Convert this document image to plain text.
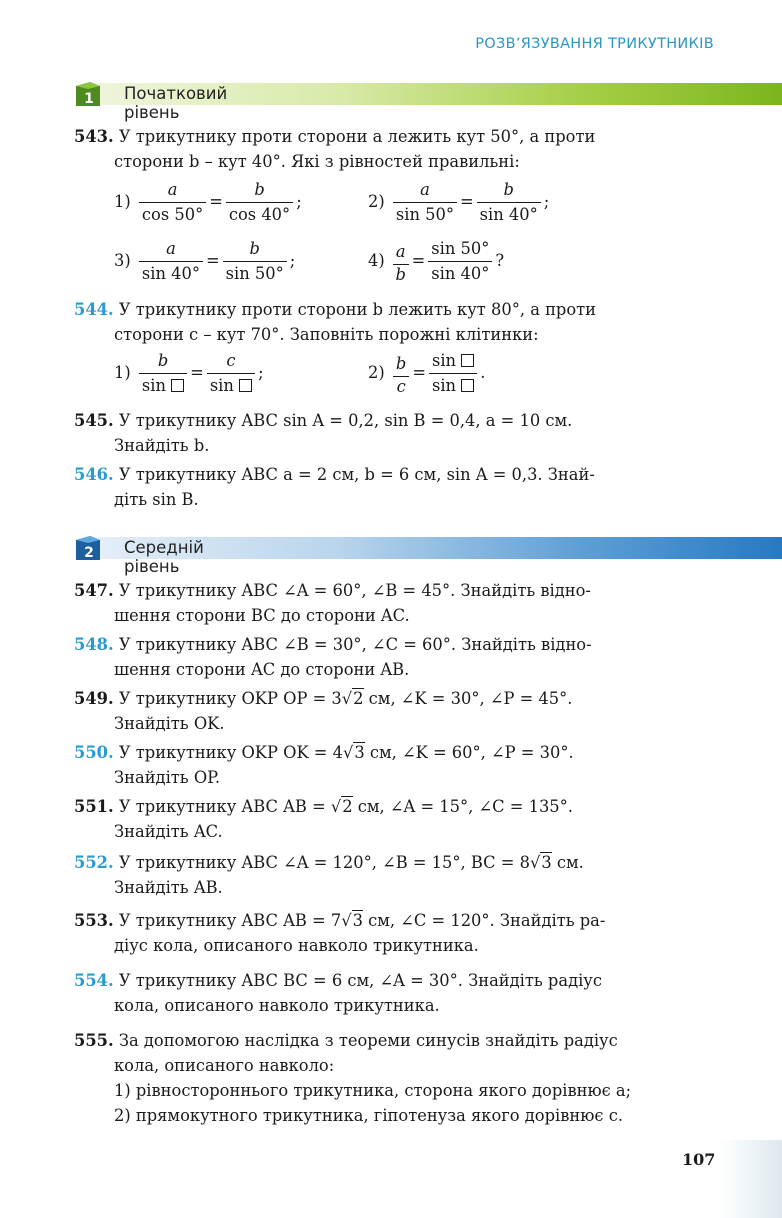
РОЗВ’ЯЗУВАННЯ ТРИКУТНИКІВ
1 Початковий рівень
543. У трикутнику проти сторони a лежить кут 50°, а проти
сторони b – кут 40°. Які з рівностей правильні:
$1) \frac{a}{\cos 50^\circ} = \frac{b}{\cos 40^\circ}$ ;	$2) \frac{a}{\sin 50^\circ} = \frac{b}{\sin 40^\circ}$ ;
$3) \frac{a}{\sin 40^\circ} = \frac{b}{\sin 50^\circ}$ ;	$4) \frac{a}{b} = \frac{\sin 50^\circ}{\sin 40^\circ}$ ?
544. У трикутнику проти сторони b лежить кут 80°, а проти
сторони c – кут 70°. Заповніть порожні клітинки:
$1) \frac{b}{\sin} = \frac{c}{\sin}$ ;	$2) \frac{b}{c} = \frac{\sin}{\sin}$ .
545. У трикутнику ABC sin A = 0,2, sin B = 0,4, a = 10 см.
Знайдіть b.
546. У трикутнику ABC a = 2 см, b = 6 см, sin A = 0,3. Знай-
діть sin B.
2 Середній рівень
547. У трикутнику ABC ∠A = 60°, ∠B = 45°. Знайдіть відно-
шення сторони BC до сторони AC.
548. У трикутнику ABC ∠B = 30°, ∠C = 60°. Знайдіть відно-
шення сторони AC до сторони AB.
549. У трикутнику OKP OP = 3√2 см, ∠K = 30°, ∠P = 45°.
Знайдіть OK.
550. У трикутнику OKP OK = 4√3 см, ∠K = 60°, ∠P = 30°.
Знайдіть OP.
551. У трикутнику ABC AB = √2 см, ∠A = 15°, ∠C = 135°.
Знайдіть AC.
552. У трикутнику ABC ∠A = 120°, ∠B = 15°, BC = 8√3 см.
Знайдіть AB.
553. У трикутнику ABC AB = 7√3 см, ∠C = 120°. Знайдіть ра-
діус кола, описаного навколо трикутника.
554. У трикутнику ABC BC = 6 см, ∠A = 30°. Знайдіть радіус
кола, описаного навколо трикутника.
555. За допомогою наслідка з теореми синусів знайдіть радіус
кола, описаного навколо:
1) рівностороннього трикутника, сторона якого дорівнює a;
2) прямокутного трикутника, гіпотенуза якого дорівнює c.
107
